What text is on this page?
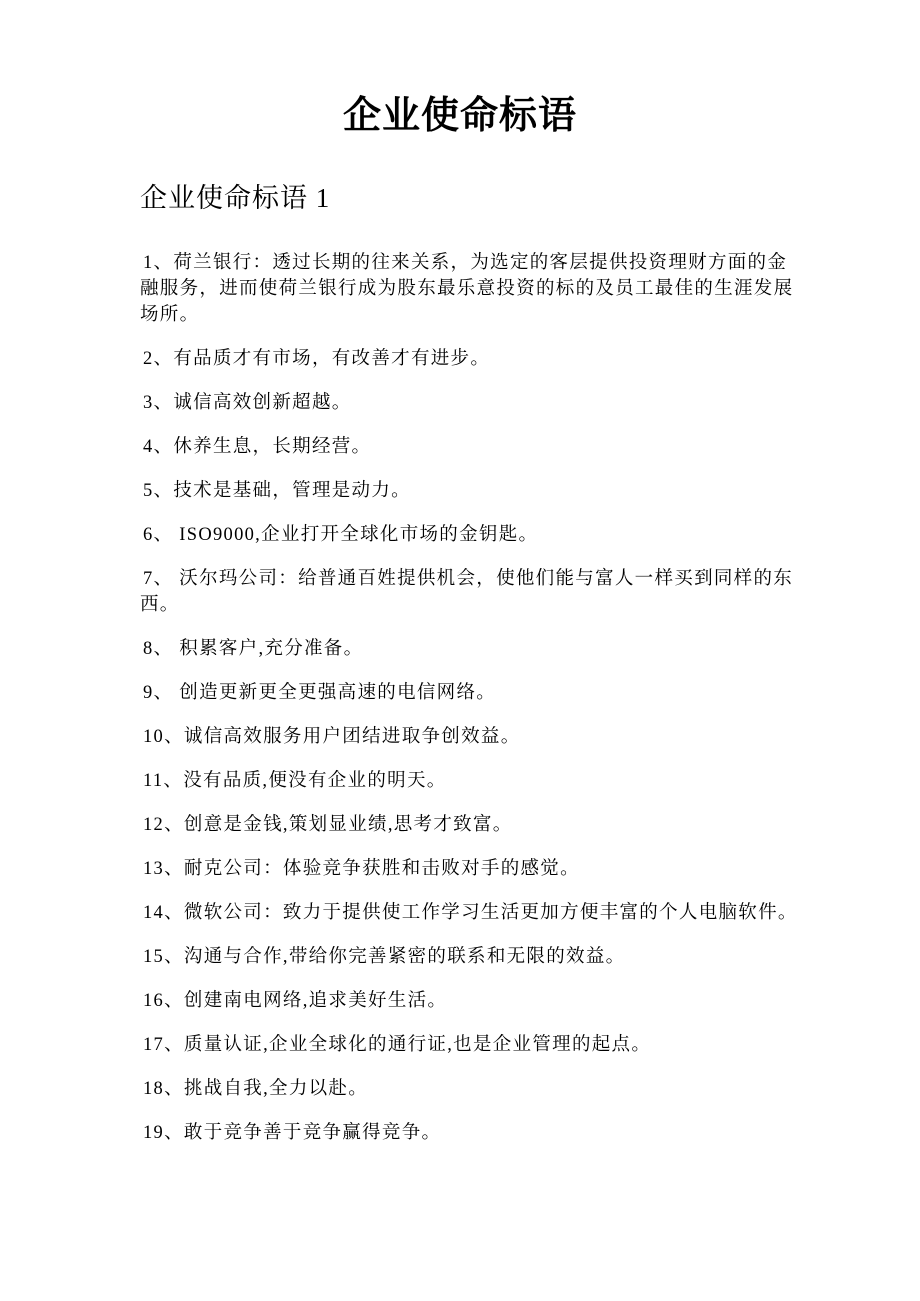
企业使命标语
企业使命标语 1

1、荷兰银行：透过长期的往来关系，为选定的客层提供投资理财方面的金融服务，进而使荷兰银行成为股东最乐意投资的标的及员工最佳的生涯发展场所。

2、有品质才有市场，有改善才有进步。

3、诚信高效创新超越。

4、休养生息，长期经营。

5、技术是基础，管理是动力。

6、 ISO9000,企业打开全球化市场的金钥匙。

7、 沃尔玛公司：给普通百姓提供机会，使他们能与富人一样买到同样的东西。

8、 积累客户,充分准备。

9、 创造更新更全更强高速的电信网络。

10、诚信高效服务用户团结进取争创效益。

11、没有品质,便没有企业的明天。

12、创意是金钱,策划显业绩,思考才致富。

13、耐克公司：体验竞争获胜和击败对手的感觉。

14、微软公司：致力于提供使工作学习生活更加方便丰富的个人电脑软件。

15、沟通与合作,带给你完善紧密的联系和无限的效益。

16、创建南电网络,追求美好生活。

17、质量认证,企业全球化的通行证,也是企业管理的起点。

18、挑战自我,全力以赴。

19、敢于竞争善于竞争赢得竞争。
